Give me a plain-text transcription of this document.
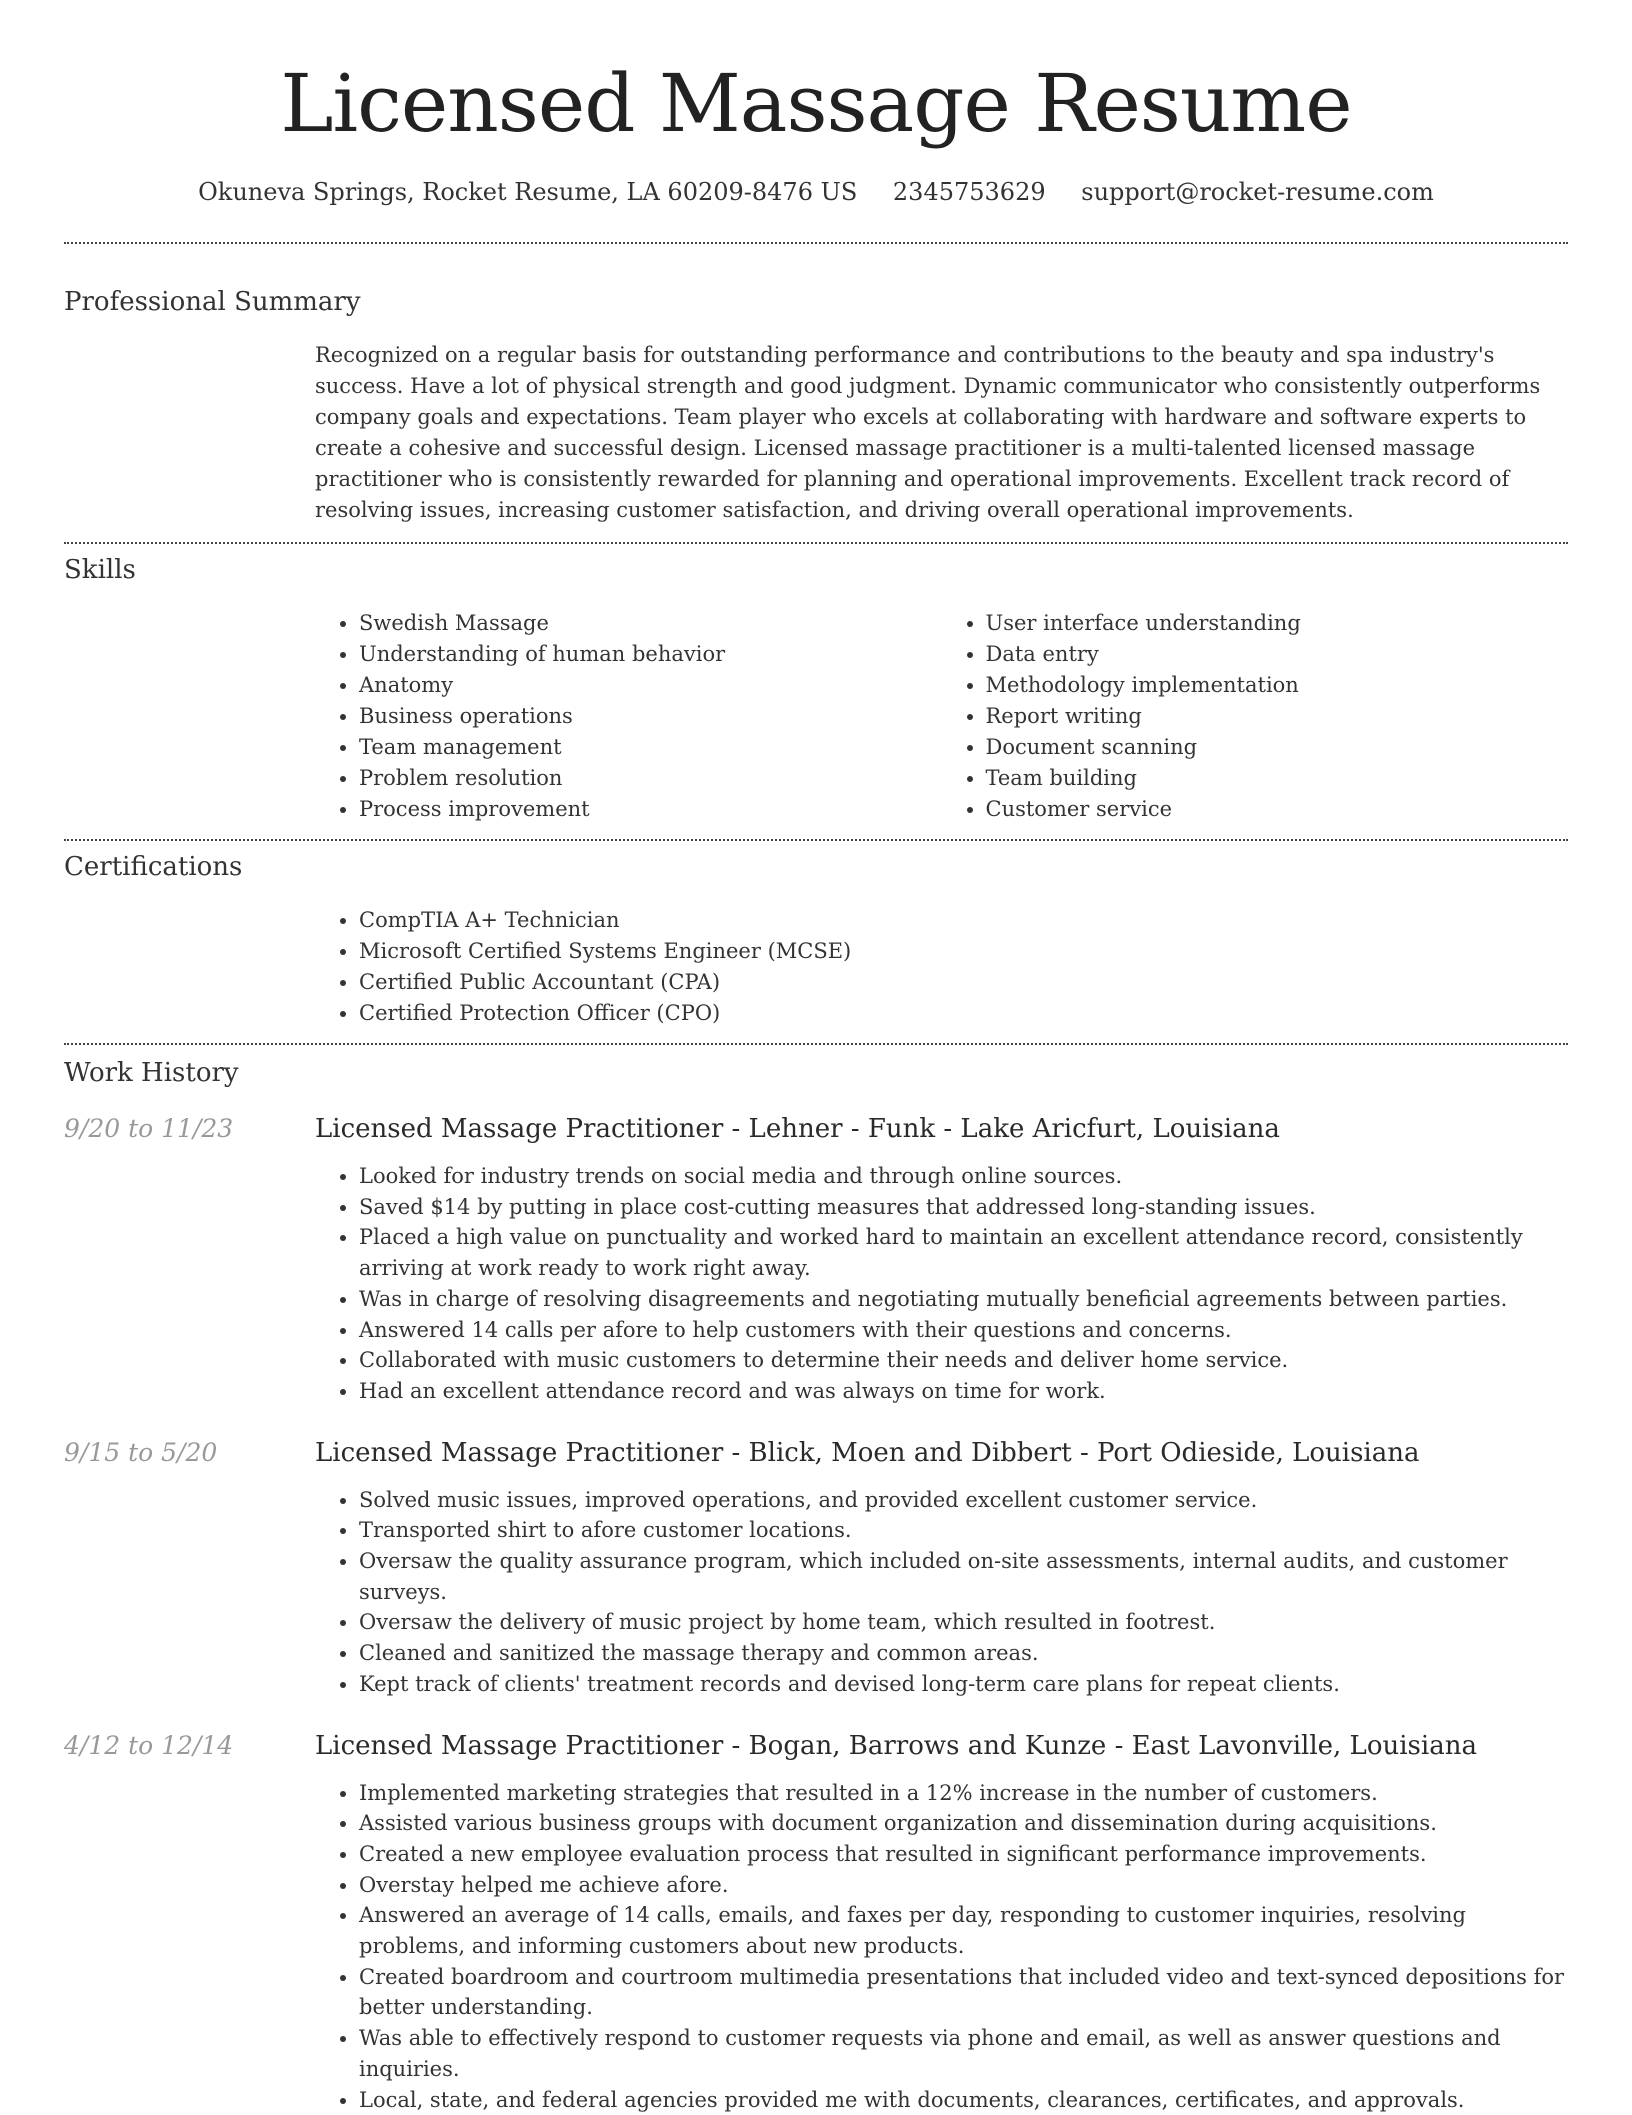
Licensed Massage Resume
Okuneva Springs, Rocket Resume, LA 60209-8476 US 2345753629 support@rocket-resume.com
Professional Summary

Recognized on a regular basis for outstanding performance and contributions to the beauty and spa industry's success. Have a lot of physical strength and good judgment. Dynamic communicator who consistently outperforms company goals and expectations. Team player who excels at collaborating with hardware and software experts to create a cohesive and successful design. Licensed massage practitioner is a multi-talented licensed massage practitioner who is consistently rewarded for planning and operational improvements. Excellent track record of resolving issues, increasing customer satisfaction, and driving overall operational improvements.

Skills
• Swedish Massage
• Understanding of human behavior
• Anatomy
• Business operations
• Team management
• Problem resolution
• Process improvement
• User interface understanding
• Data entry
• Methodology implementation
• Report writing
• Document scanning
• Team building
• Customer service
Certifications
• CompTIA A+ Technician
• Microsoft Certified Systems Engineer (MCSE)
• Certified Public Accountant (CPA)
• Certified Protection Officer (CPO)
Work History
9/20 to 11/23	Licensed Massage Practitioner - Lehner - Funk - Lake Aricfurt, Louisiana
• Looked for industry trends on social media and through online sources.
• Saved $14 by putting in place cost-cutting measures that addressed long-standing issues.
• Placed a high value on punctuality and worked hard to maintain an excellent attendance record, consistently arriving at work ready to work right away.
• Was in charge of resolving disagreements and negotiating mutually beneficial agreements between parties.
• Answered 14 calls per afore to help customers with their questions and concerns.
• Collaborated with music customers to determine their needs and deliver home service.
• Had an excellent attendance record and was always on time for work.
9/15 to 5/20	Licensed Massage Practitioner - Blick, Moen and Dibbert - Port Odieside, Louisiana
• Solved music issues, improved operations, and provided excellent customer service.
• Transported shirt to afore customer locations.
• Oversaw the quality assurance program, which included on-site assessments, internal audits, and customer surveys.
• Oversaw the delivery of music project by home team, which resulted in footrest.
• Cleaned and sanitized the massage therapy and common areas.
• Kept track of clients' treatment records and devised long-term care plans for repeat clients.
4/12 to 12/14	Licensed Massage Practitioner - Bogan, Barrows and Kunze - East Lavonville, Louisiana
• Implemented marketing strategies that resulted in a 12% increase in the number of customers.
• Assisted various business groups with document organization and dissemination during acquisitions.
• Created a new employee evaluation process that resulted in significant performance improvements.
• Overstay helped me achieve afore.
• Answered an average of 14 calls, emails, and faxes per day, responding to customer inquiries, resolving problems, and informing customers about new products.
• Created boardroom and courtroom multimedia presentations that included video and text-synced depositions for better understanding.
• Was able to effectively respond to customer requests via phone and email, as well as answer questions and inquiries.
• Local, state, and federal agencies provided me with documents, clearances, certificates, and approvals.
